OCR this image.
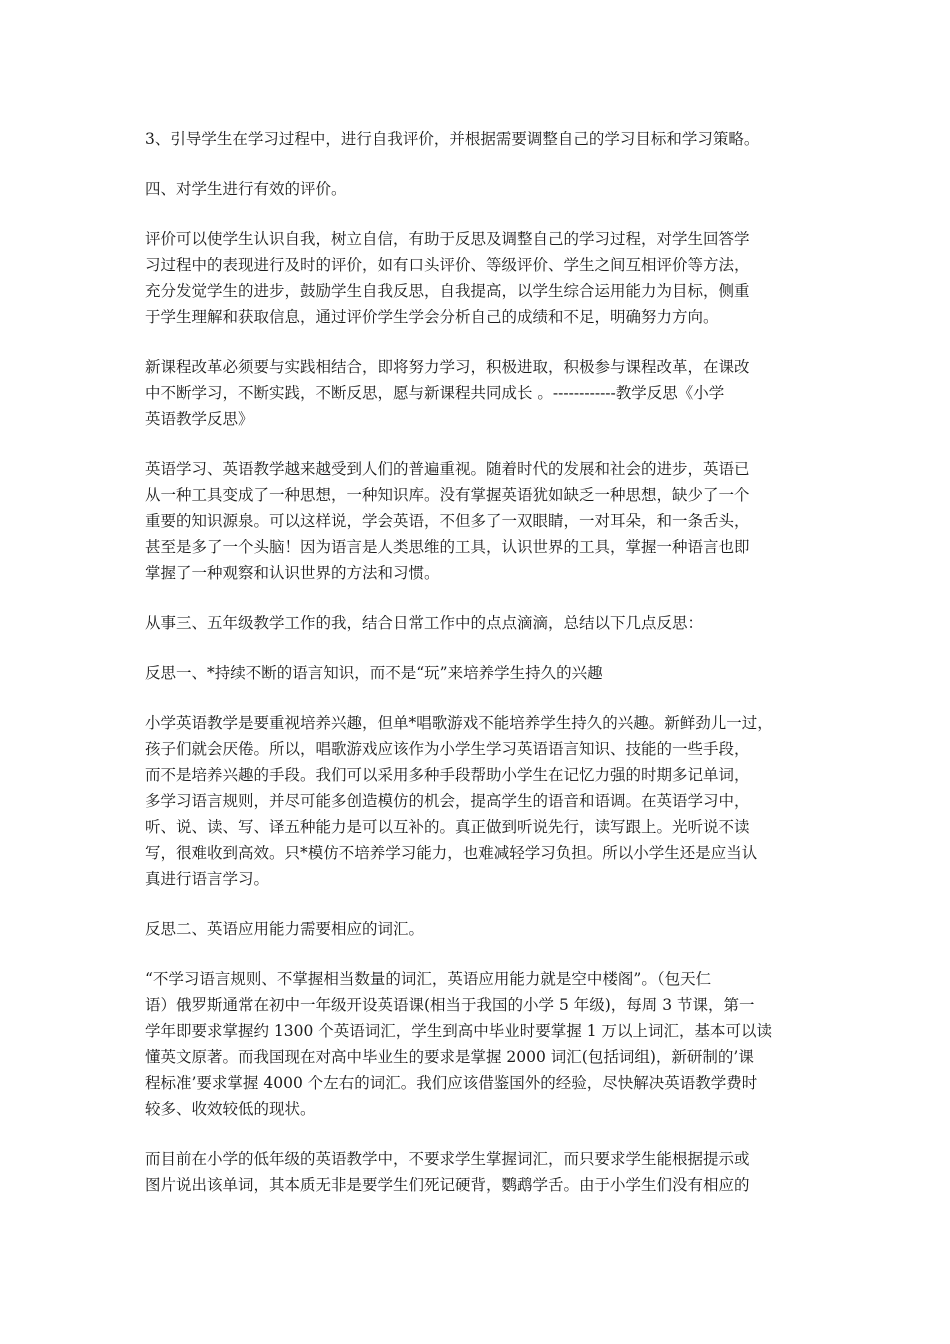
3、引导学生在学习过程中，进行自我评价，并根据需要调整自己的学习目标和学习策略。

四、对学生进行有效的评价。

评价可以使学生认识自我，树立自信，有助于反思及调整自己的学习过程，对学生回答学
习过程中的表现进行及时的评价，如有口头评价、等级评价、学生之间互相评价等方法，
充分发觉学生的进步，鼓励学生自我反思，自我提高，以学生综合运用能力为目标，侧重
于学生理解和获取信息，通过评价学生学会分析自己的成绩和不足，明确努力方向。

新课程改革必须要与实践相结合，即将努力学习，积极进取，积极参与课程改革，在课改
中不断学习，不断实践，不断反思，愿与新课程共同成长 。------------教学反思《小学
英语教学反思》

英语学习、英语教学越来越受到人们的普遍重视。随着时代的发展和社会的进步，英语已
从一种工具变成了一种思想，一种知识库。没有掌握英语犹如缺乏一种思想，缺少了一个
重要的知识源泉。可以这样说，学会英语，不但多了一双眼睛，一对耳朵，和一条舌头，
甚至是多了一个头脑！因为语言是人类思维的工具，认识世界的工具，掌握一种语言也即
掌握了一种观察和认识世界的方法和习惯。

从事三、五年级教学工作的我，结合日常工作中的点点滴滴，总结以下几点反思：

反思一、*持续不断的语言知识，而不是“玩”来培养学生持久的兴趣

小学英语教学是要重视培养兴趣，但单*唱歌游戏不能培养学生持久的兴趣。新鲜劲儿一过，
孩子们就会厌倦。所以，唱歌游戏应该作为小学生学习英语语言知识、技能的一些手段，
而不是培养兴趣的手段。我们可以采用多种手段帮助小学生在记忆力强的时期多记单词，
多学习语言规则，并尽可能多创造模仿的机会，提高学生的语音和语调。在英语学习中，
听、说、读、写、译五种能力是可以互补的。真正做到听说先行，读写跟上。光听说不读
写，很难收到高效。只*模仿不培养学习能力，也难减轻学习负担。所以小学生还是应当认
真进行语言学习。

反思二、英语应用能力需要相应的词汇。

“不学习语言规则、不掌握相当数量的词汇，英语应用能力就是空中楼阁”。（包天仁
语）俄罗斯通常在初中一年级开设英语课(相当于我国的小学 5 年级)，每周 3 节课，第一
学年即要求掌握约 1300 个英语词汇，学生到高中毕业时要掌握 1 万以上词汇，基本可以读
懂英文原著。而我国现在对高中毕业生的要求是掌握 2000 词汇(包括词组)，新研制的’课
程标准’要求掌握 4000 个左右的词汇。我们应该借鉴国外的经验，尽快解决英语教学费时
较多、收效较低的现状。

而目前在小学的低年级的英语教学中，不要求学生掌握词汇，而只要求学生能根据提示或
图片说出该单词，其本质无非是要学生们死记硬背，鹦鹉学舌。由于小学生们没有相应的
